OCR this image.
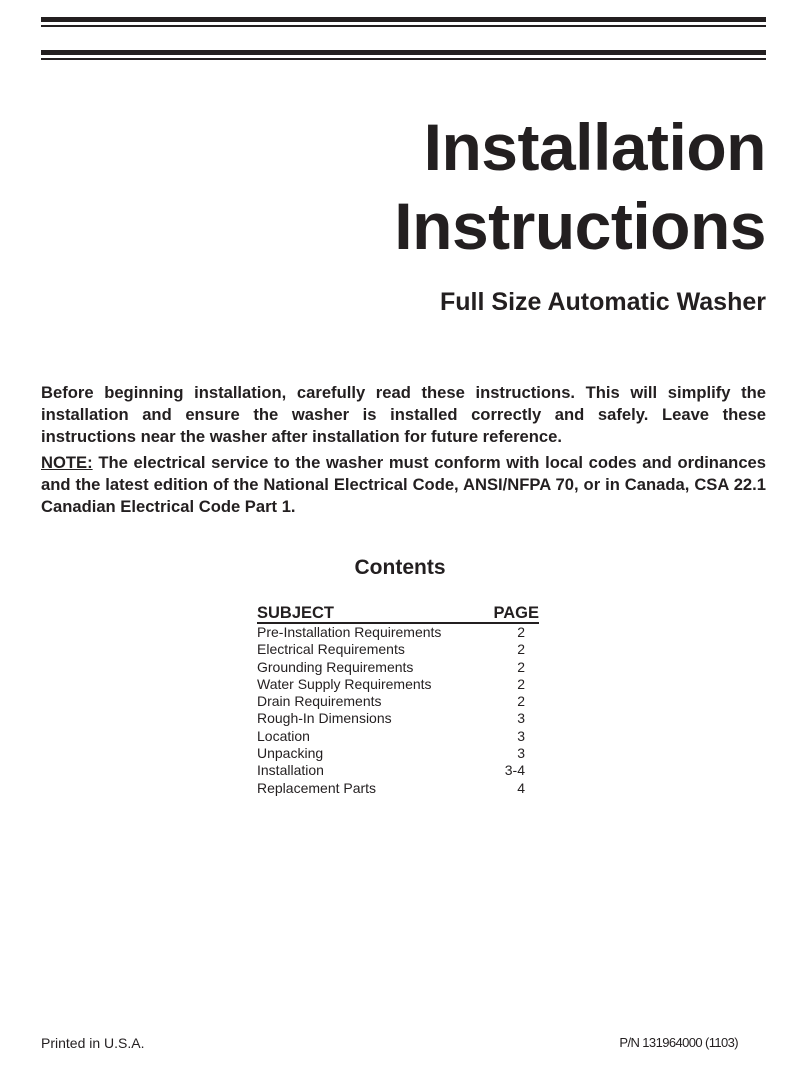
Installation
Instructions
Full Size Automatic Washer

Before beginning installation, carefully read these instructions. This will simplify the installation and ensure the washer is installed correctly and safely. Leave these instructions near the washer after installation for future reference.

NOTE: The electrical service to the washer must conform with local codes and ordinances and the latest edition of the National Electrical Code, ANSI/NFPA 70, or in Canada, CSA 22.1 Canadian Electrical Code Part 1.

Contents
SUBJECT	PAGE
Pre-Installation Requirements	2
Electrical Requirements	2
Grounding Requirements	2
Water Supply Requirements	2
Drain Requirements	2
Rough-In Dimensions	3
Location	3
Unpacking	3
Installation	3-4
Replacement Parts	4
Printed in U.S.A.	P/N 131964000 (1103)
